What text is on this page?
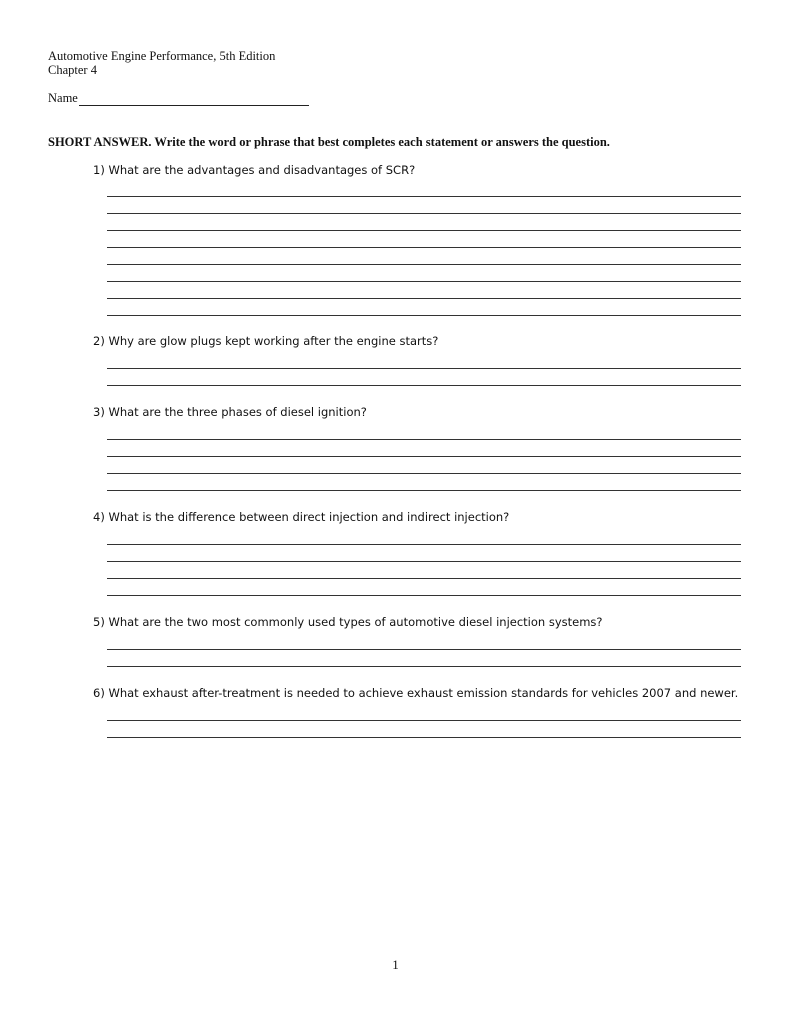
Automotive Engine Performance, 5th Edition
Chapter 4
Name
SHORT ANSWER. Write the word or phrase that best completes each statement or answers the question.
1) What are the advantages and disadvantages of SCR?
2) Why are glow plugs kept working after the engine starts?
3) What are the three phases of diesel ignition?
4) What is the difference between direct injection and indirect injection?
5) What are the two most commonly used types of automotive diesel injection systems?
6) What exhaust after-treatment is needed to achieve exhaust emission standards for vehicles 2007 and newer.
1
